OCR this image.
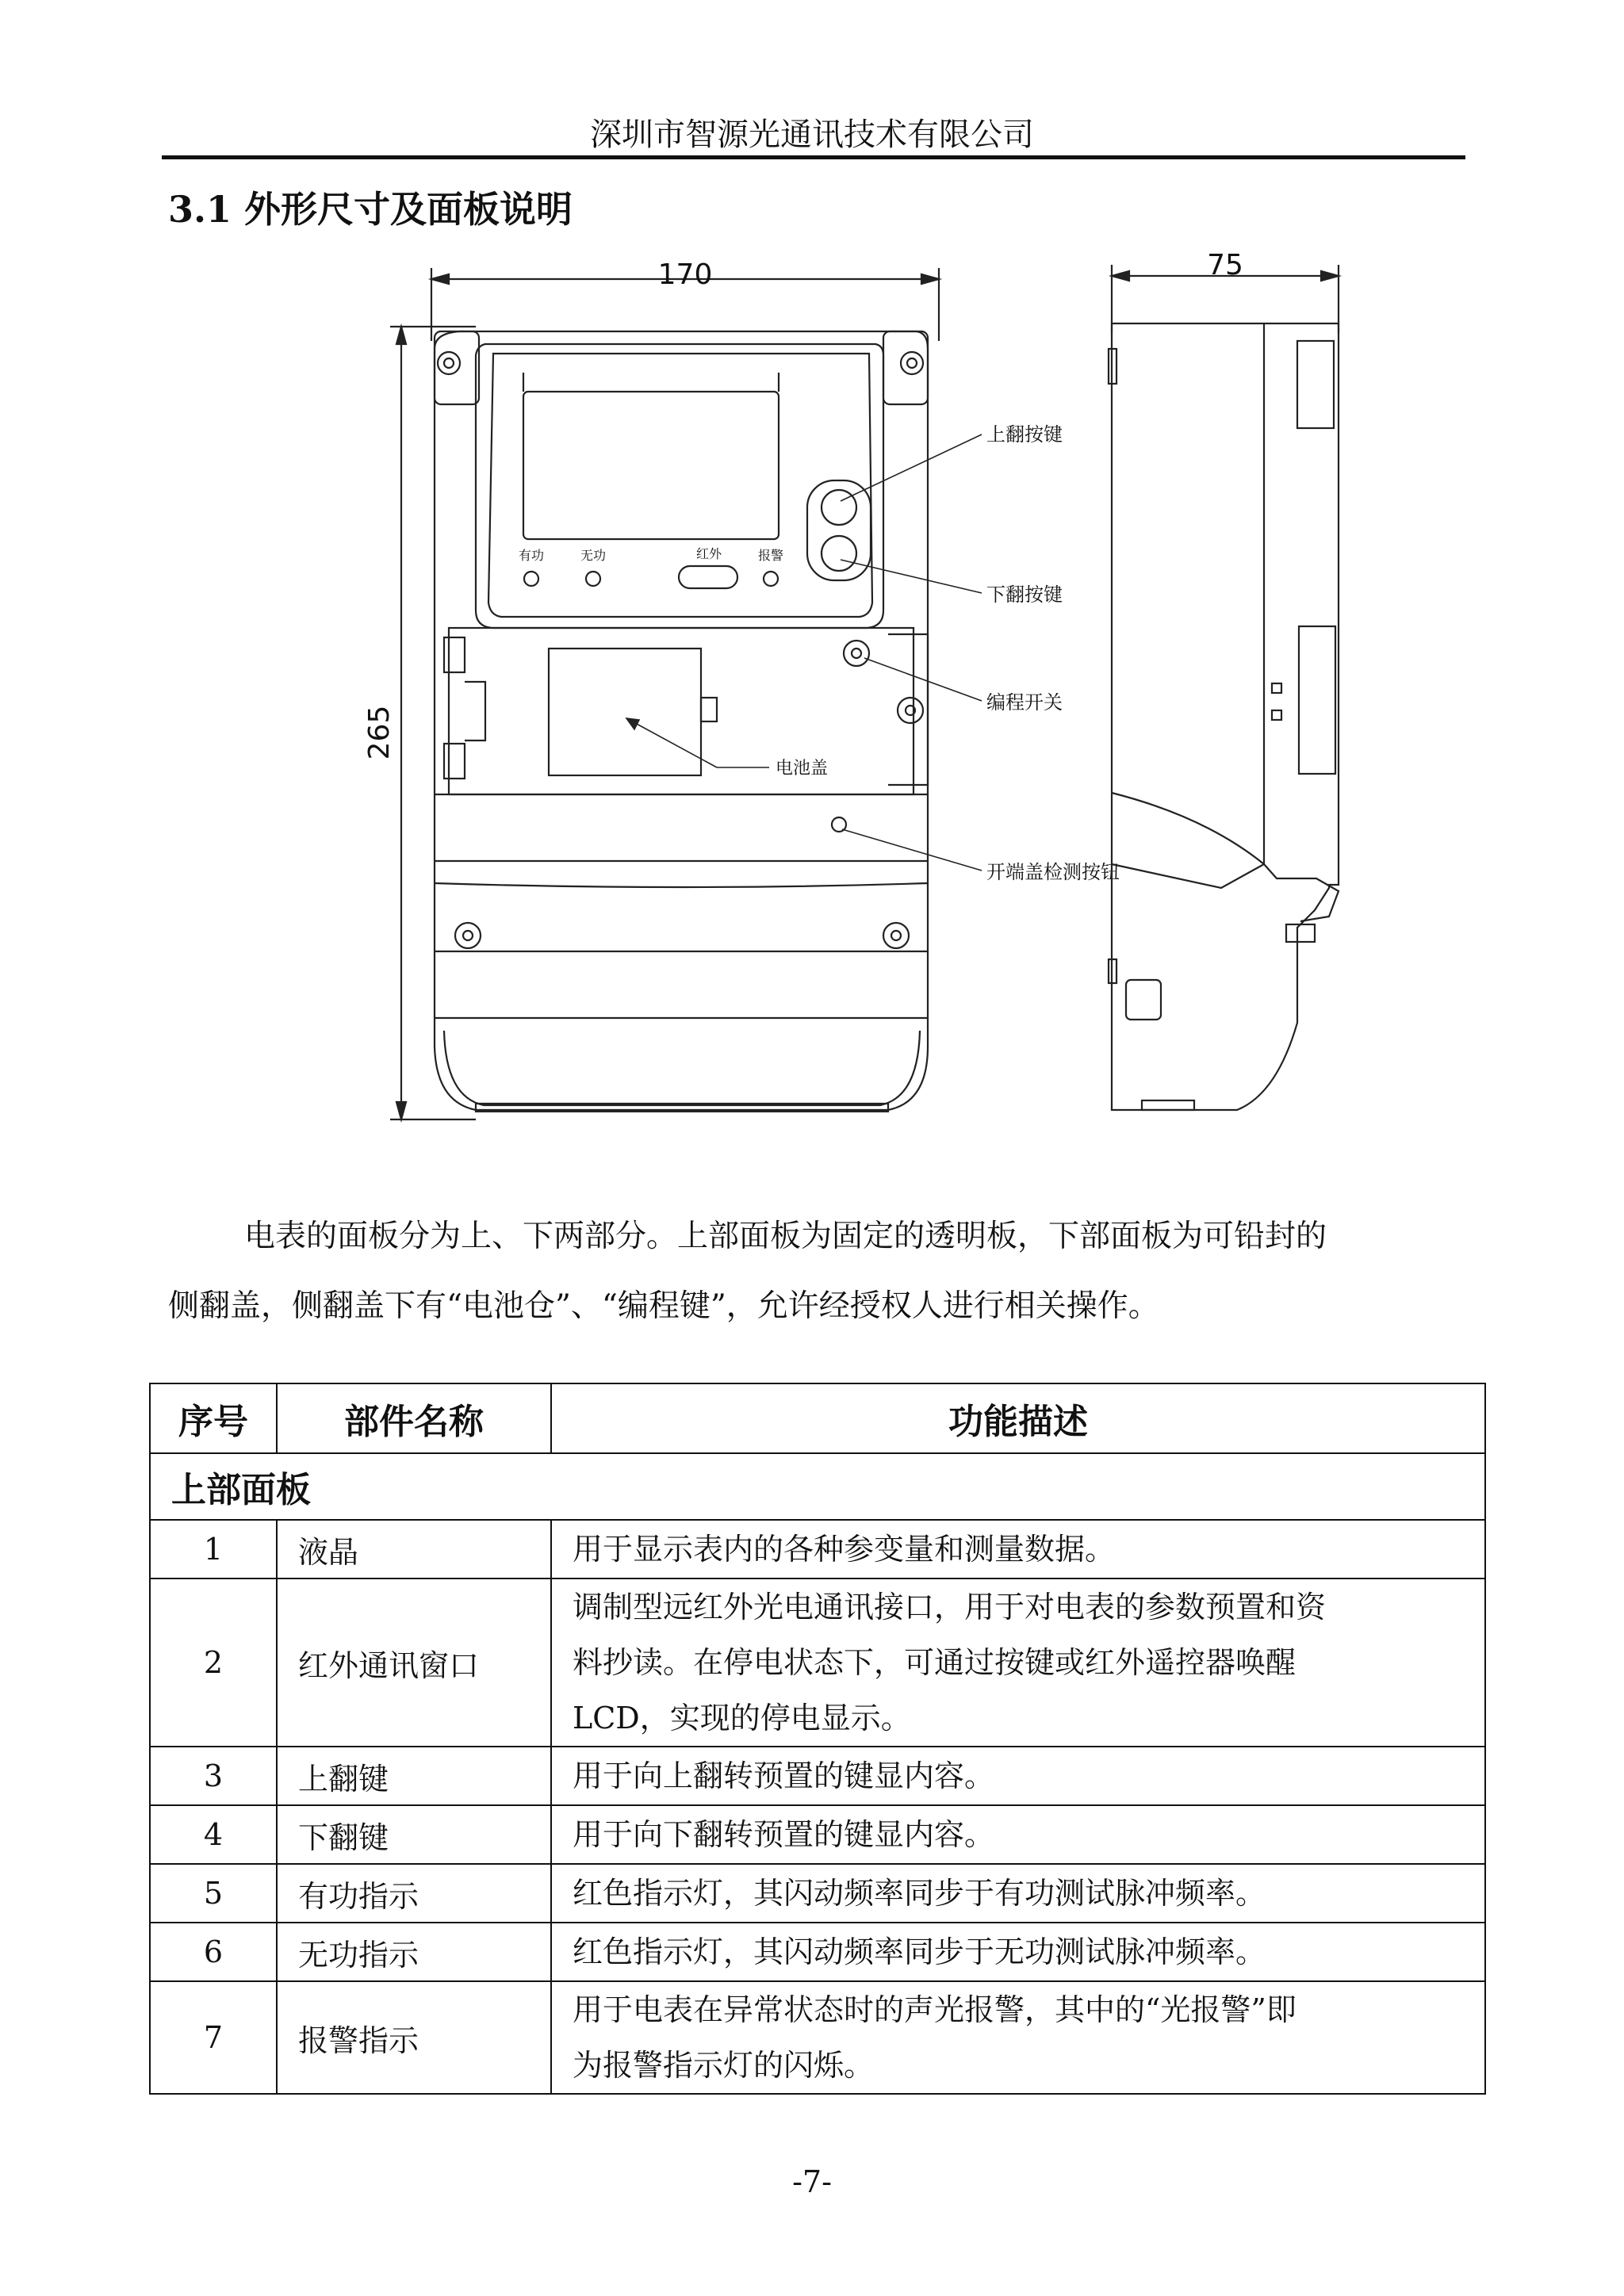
深圳市智源光通讯技术有限公司
3.1 外形尺寸及面板说明
170	75
265
有功	无功	红外	报警
上翻按键
下翻按键
编程开关
电池盖
开端盖检测按钮

电表的面板分为上、下两部分。上部面板为固定的透明板，下部面板为可铅封的

侧翻盖，侧翻盖下有“电池仓”、“编程键”，允许经授权人进行相关操作。

序号	部件名称	功能描述
上部面板		
1	液晶	用于显示表内的各种参变量和测量数据。

2	红外通讯窗口	调制型远红外光电通讯接口，用于对电表的参数预置和资
料抄读。在停电状态下，可通过按键或红外遥控器唤醒
LCD，实现的停电显示。

3	上翻键	用于向上翻转预置的键显内容。

4	下翻键	用于向下翻转预置的键显内容。

5	有功指示	红色指示灯，其闪动频率同步于有功测试脉冲频率。

6	无功指示	红色指示灯，其闪动频率同步于无功测试脉冲频率。

7	报警指示	用于电表在异常状态时的声光报警，其中的“光报警”即
为报警指示灯的闪烁。
-7-
